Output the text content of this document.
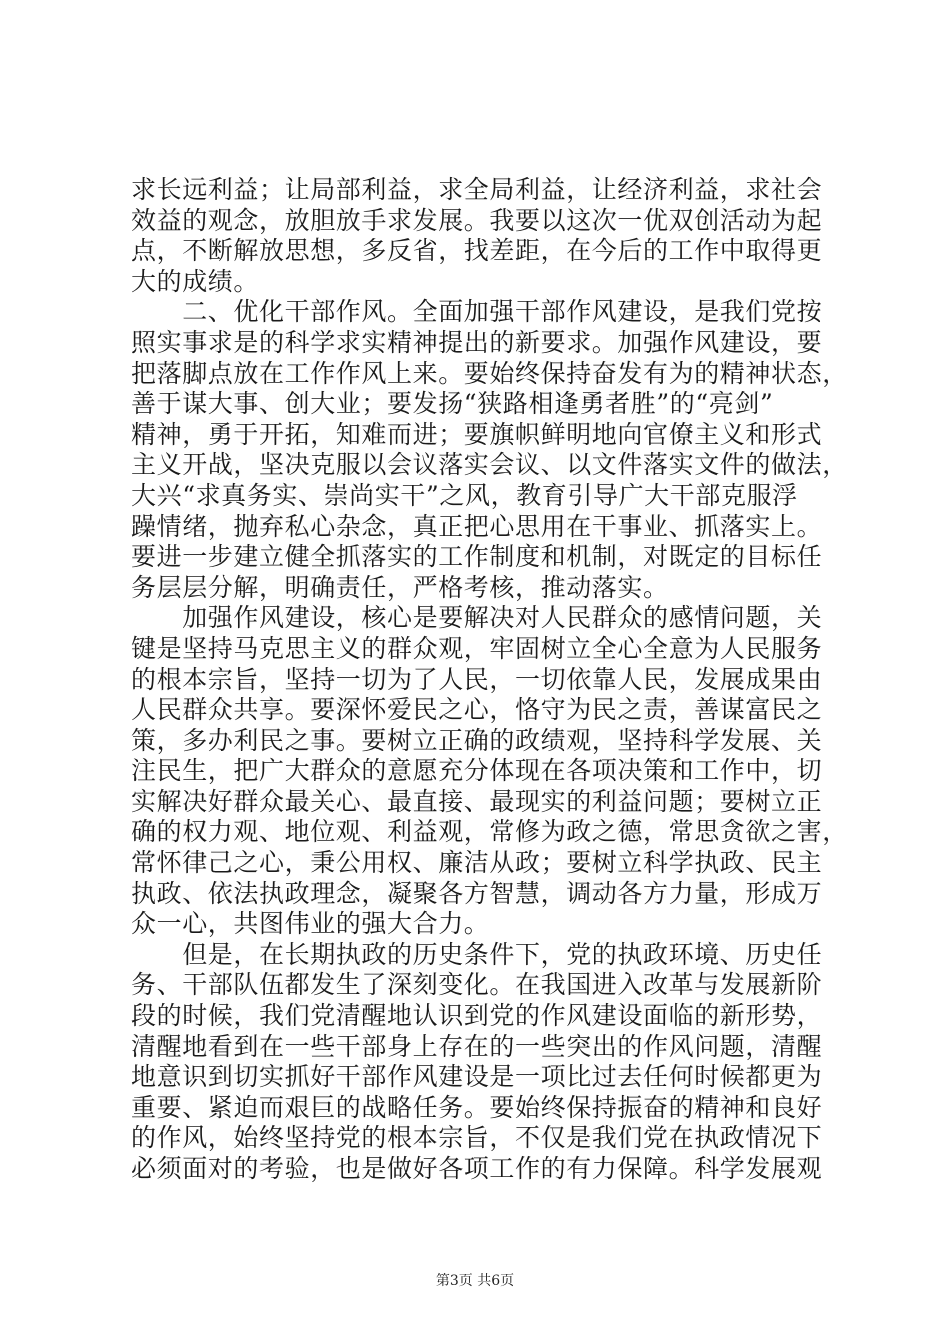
求长远利益；让局部利益，求全局利益，让经济利益，求社会
效益的观念，放胆放手求发展。我要以这次一优双创活动为起
点，不断解放思想，多反省，找差距，在今后的工作中取得更
大的成绩。
　　二、优化干部作风。全面加强干部作风建设，是我们党按
照实事求是的科学求实精神提出的新要求。加强作风建设，要
把落脚点放在工作作风上来。要始终保持奋发有为的精神状态，
善于谋大事、创大业；要发扬“狭路相逢勇者胜”的“亮剑”
精神，勇于开拓，知难而进；要旗帜鲜明地向官僚主义和形式
主义开战，坚决克服以会议落实会议、以文件落实文件的做法，
大兴“求真务实、崇尚实干”之风，教育引导广大干部克服浮
躁情绪，抛弃私心杂念，真正把心思用在干事业、抓落实上。
要进一步建立健全抓落实的工作制度和机制，对既定的目标任
务层层分解，明确责任，严格考核，推动落实。
　　加强作风建设，核心是要解决对人民群众的感情问题，关
键是坚持马克思主义的群众观，牢固树立全心全意为人民服务
的根本宗旨，坚持一切为了人民，一切依靠人民，发展成果由
人民群众共享。要深怀爱民之心，恪守为民之责，善谋富民之
策，多办利民之事。要树立正确的政绩观，坚持科学发展、关
注民生，把广大群众的意愿充分体现在各项决策和工作中，切
实解决好群众最关心、最直接、最现实的利益问题；要树立正
确的权力观、地位观、利益观，常修为政之德，常思贪欲之害，
常怀律己之心，秉公用权、廉洁从政；要树立科学执政、民主
执政、依法执政理念，凝聚各方智慧，调动各方力量，形成万
众一心，共图伟业的强大合力。
　　但是，在长期执政的历史条件下，党的执政环境、历史任
务、干部队伍都发生了深刻变化。在我国进入改革与发展新阶
段的时候，我们党清醒地认识到党的作风建设面临的新形势，
清醒地看到在一些干部身上存在的一些突出的作风问题，清醒
地意识到切实抓好干部作风建设是一项比过去任何时候都更为
重要、紧迫而艰巨的战略任务。要始终保持振奋的精神和良好
的作风，始终坚持党的根本宗旨，不仅是我们党在执政情况下
必须面对的考验，也是做好各项工作的有力保障。科学发展观
第3页 共6页
